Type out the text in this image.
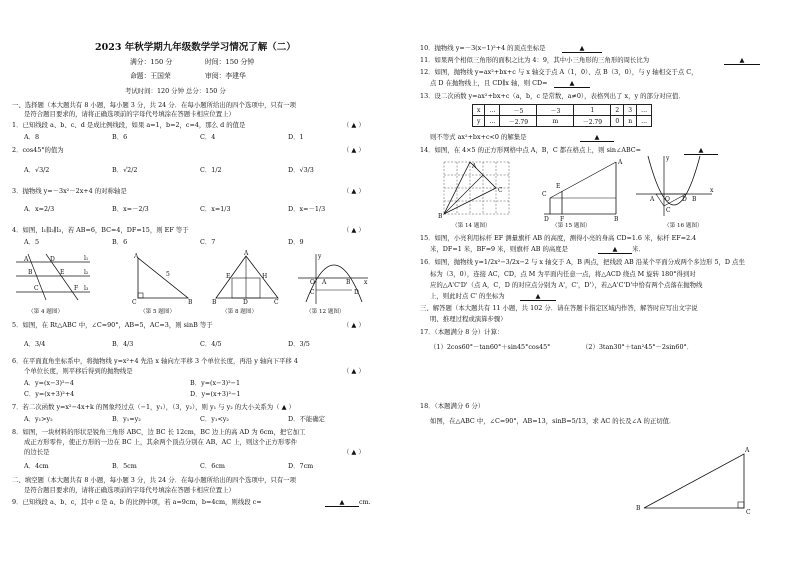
2023 年秋学期九年级数学学习情况了解（二）
满分：150 分	时间：150 分钟
命题：王国荣	审阅：李建华
考试时间：120 分钟 总分：150 分
一、选择题（本大题共有 8 小题，每小题 3 分，共 24 分．在每小题所给出的四个选项中，只有一项
是符合题目要求的，请将正确选项前的字母代号填涂在答题卡相应位置上）
1．已知线段 a、b、c、d 是成比例线段，如果 a=1，b=2，c=4，那么 d 的值是	（ ▲ ）
A．8	B．6	C．4	D．1
2．cos45°的值为	（ ▲ ）
A．√3/2	B．√2/2	C．1/2	D．√3/3
3．抛物线 y=－3x²－2x+4 的对称轴是	（ ▲ ）
A．x=2/3	B．x=－2/3	C．x=1/3	D．x=－1/3
4．如图，l₁∥l₂∥l₃，若 AB=6，BC=4，DF=15，则 EF 等于	（ ▲ ）
A．5	B．6	C．7	D．9
A	D
B	E
C	F
l₁
l₂
l₃
（第 4 题图）
A
C	B
5
（第 5 题图）
A
B	C
D
E	H
（第 8 题图）
O A	B
C	D
x
y
（第 12 题图）
5．如图，在 Rt△ABC 中，∠C=90°，AB=5，AC=3，则 sinB 等于	（ ▲ ）
A．3/4	B．4/3	C．4/5	D．3/5
6．在平面直角坐标系中，将抛物线 y=x²+4 先沿 x 轴向左平移 3 个单位长度，再沿 y 轴向下平移 4
个单位长度，则平移后得到的抛物线是	（ ▲ ）
A．y=(x−3)²−4	B．y=(x−3)²−1
C．y=(x+3)²+4	D．y=(x+3)²−1
7．若二次函数 y=x²−4x+k 的图象经过点（−1，y₁），（3，y₂），则 y₁ 与 y₂ 的大小关系为（ ▲ ）
A．y₁>y₂	B．y₁=y₂	C．y₁<y₂	D．不能确定
8．如图，一块材料的形状是锐角三角形 ABC，边 BC 长 12cm，BC 边上的高 AD 为 6cm，把它加工
成正方形零件，使正方形的一边在 BC 上，其余两个顶点分别在 AB、AC 上，则这个正方形零件
的边长是	（ ▲ ）
A．4cm	B．5cm	C．6cm	D．7cm
二、填空题（本大题共有 8 小题，每小题 3 分，共 24 分．在每小题所给出的四个选项中，只有一项
是符合题目要求的，请将正确选项前的字母代号填涂在答题卡相应位置上）
9．已知线段 a、b、c，其中 c 是 a、b 的比例中项，若 a=9cm，b=4cm，则线段 c=	▲ cm.
10．抛物线 y=－3(x−1)²+4 的顶点坐标是	▲
11．如果两个相似三角形的面积之比为 4：9，其中小三角形的三角形的周长比为	▲
12．如图，抛物线 y=ax²+bx+c 与 x 轴交于点 A（1，0）、点 B（3，0），与 y 轴相交于点 C，
点 D 在抛物线上，且 CD∥x 轴，则 CD=	▲
13．设二次函数 y=ax²+bx+c（a，b，c 是常数，a≠0），表格列出了 x，y 的部分对应值．
x	…	－5	－3	1	2	3	…
y	…	－2.79	m	－2.79	0	n	…
则不等式 ax²+bx+c<0 的解集是	▲
14．如图，在 4×5 的正方形网格中点 A，B，C 都在格点上，则 sin∠ABC=	▲
A
B
C
（第 14 题图）
C
E
A
D F	B
（第 15 题图）
A O D B
C
x
y
（第 16 题图）
15．如图，小亮利用标杆 EF 测量旗杆 AB 的高度，测得小亮的身高 CD=1.6 米，标杆 EF=2.4
米，DF=1 米，BF=9 米，则旗杆 AB 的高度是	▲ 米．
16．如图，抛物线 y=1/2x²−3/2x−2 与 x 轴交于 A，B 两点，把线段 AB 沿某个平面分成两个多边形 5，D 点坐
标为（3，0），连接 AC，CD，点 M 为平面内任意一点，将△ACD 绕点 M 旋转 180°得到对
应的△A'C'D'（点 A，C，D 的对应点分别为 A'，C'，D'），若△A'C'D'中恰有两个点落在抛物线
上，则此时点 C' 的坐标为	▲
三、解答题（本大题共有 11 小题，共 102 分．请在答题卡指定区域内作答，解答时应写出文字说
明、推理过程或演算步骤）
17．（本题满分 8 分）计算：
（1）2cos60°－tan60°＋sin45°cos45°	（2）3tan30°＋tan²45°－2sin60°．
18．（本题满分 6 分）
如图，在△ABC 中，∠C=90°，AB=13，sinB=5/13，求 AC 的长及∠A 的正切值．
B
A
C
